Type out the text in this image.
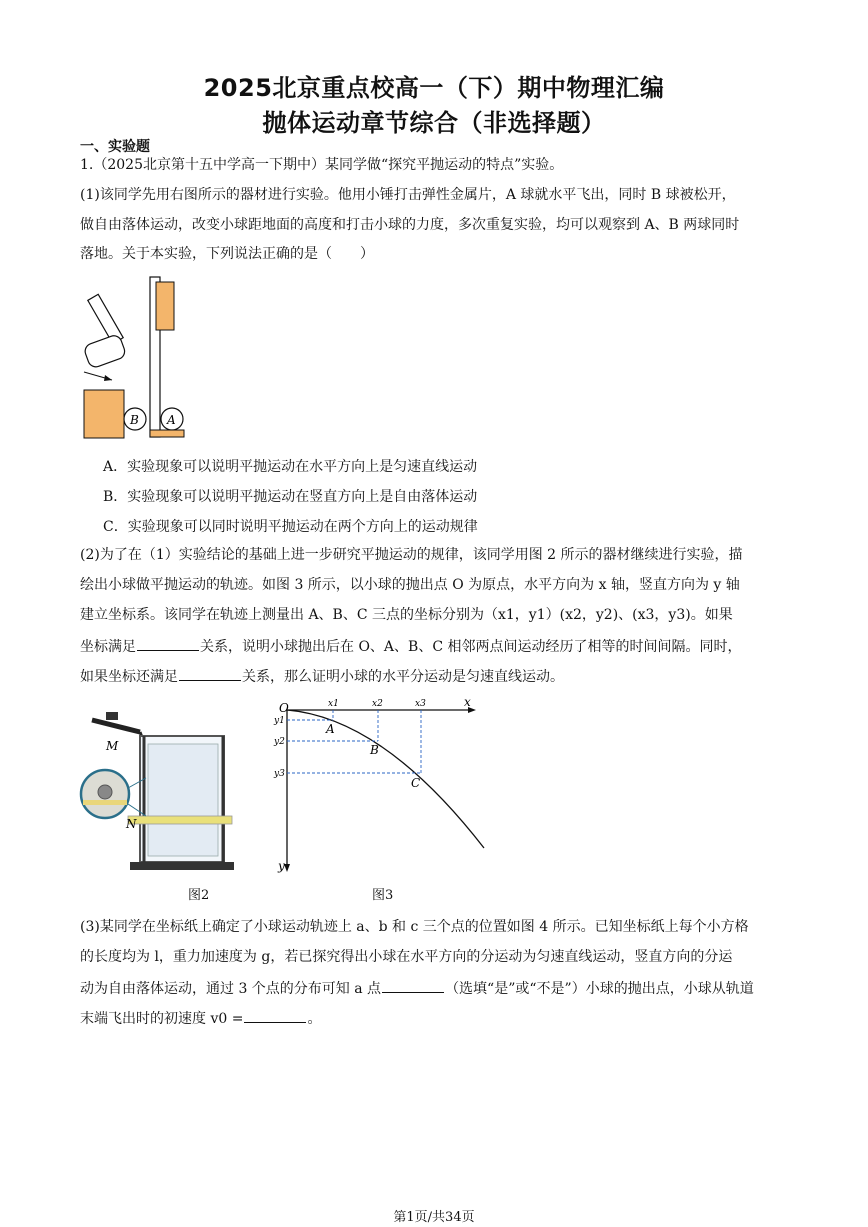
2025北京重点校高一（下）期中物理汇编
抛体运动章节综合（非选择题）
一、实验题
1.（2025北京第十五中学高一下期中）某同学做“探究平抛运动的特点”实验。
(1)该同学先用右图所示的器材进行实验。他用小锤打击弹性金属片，A 球就水平飞出，同时 B 球被松开，
做自由落体运动，改变小球距地面的高度和打击小球的力度，多次重复实验，均可以观察到 A、B 两球同时
落地。关于本实验，下列说法正确的是（　　）
B A
A．实验现象可以说明平抛运动在水平方向上是匀速直线运动
B．实验现象可以说明平抛运动在竖直方向上是自由落体运动
C．实验现象可以同时说明平抛运动在两个方向上的运动规律
(2)为了在（1）实验结论的基础上进一步研究平抛运动的规律，该同学用图 2 所示的器材继续进行实验，描
绘出小球做平抛运动的轨迹。如图 3 所示，以小球的抛出点 O 为原点，水平方向为 x 轴，竖直方向为 y 轴
建立坐标系。该同学在轨迹上测量出 A、B、C 三点的坐标分别为（x1，y1）(x2，y2)、(x3，y3)。如果
坐标满足	关系，说明小球抛出后在 O、A、B、C 相邻两点间运动经历了相等的时间间隔。同时，
如果坐标还满足	关系，那么证明小球的水平分运动是匀速直线运动。
M
N
图2
O	x
y
x1	x2	x3
y1
y2
y3
A
B
C
图3
(3)某同学在坐标纸上确定了小球运动轨迹上 a、b 和 c 三个点的位置如图 4 所示。已知坐标纸上每个小方格
的长度均为 l，重力加速度为 g，若已探究得出小球在水平方向的分运动为匀速直线运动，竖直方向的分运
动为自由落体运动，通过 3 个点的分布可知 a 点	（选填“是”或“不是”）小球的抛出点，小球从轨道
末端飞出时的初速度 v0 =	。
第1页/共34页
